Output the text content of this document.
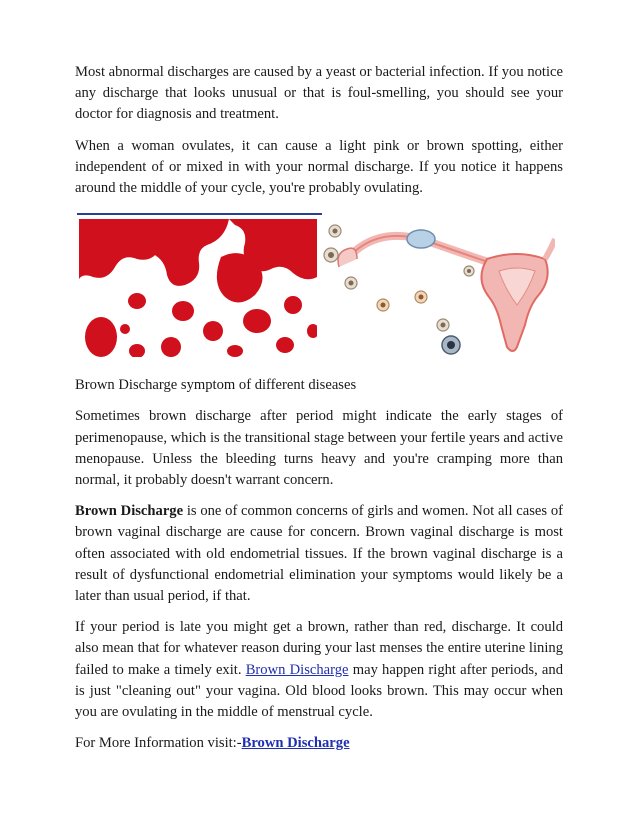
Most abnormal discharges are caused by a yeast or bacterial infection. If you notice any discharge that looks unusual or that is foul-smelling, you should see your doctor for diagnosis and treatment.

When a woman ovulates, it can cause a light pink or brown spotting, either independent of or mixed in with your normal discharge. If you notice it happens around the middle of your cycle, you're probably ovulating.

Brown Discharge symptom of different diseases

Sometimes brown discharge after period might indicate the early stages of perimenopause, which is the transitional stage between your fertile years and active menopause. Unless the bleeding turns heavy and you're cramping more than normal, it probably doesn't warrant concern.

Brown Discharge is one of common concerns of girls and women. Not all cases of brown vaginal discharge are cause for concern. Brown vaginal discharge is most often associated with old endometrial tissues. If the brown vaginal discharge is a result of dysfunctional endometrial elimination your symptoms would likely be a later than usual period, if that.

If your period is late you might get a brown, rather than red, discharge. It could also mean that for whatever reason during your last menses the entire uterine lining failed to make a timely exit. Brown Discharge may happen right after periods, and is just "cleaning out" your vagina. Old blood looks brown. This may occur when you are ovulating in the middle of menstrual cycle.

For More Information visit:-Brown Discharge
